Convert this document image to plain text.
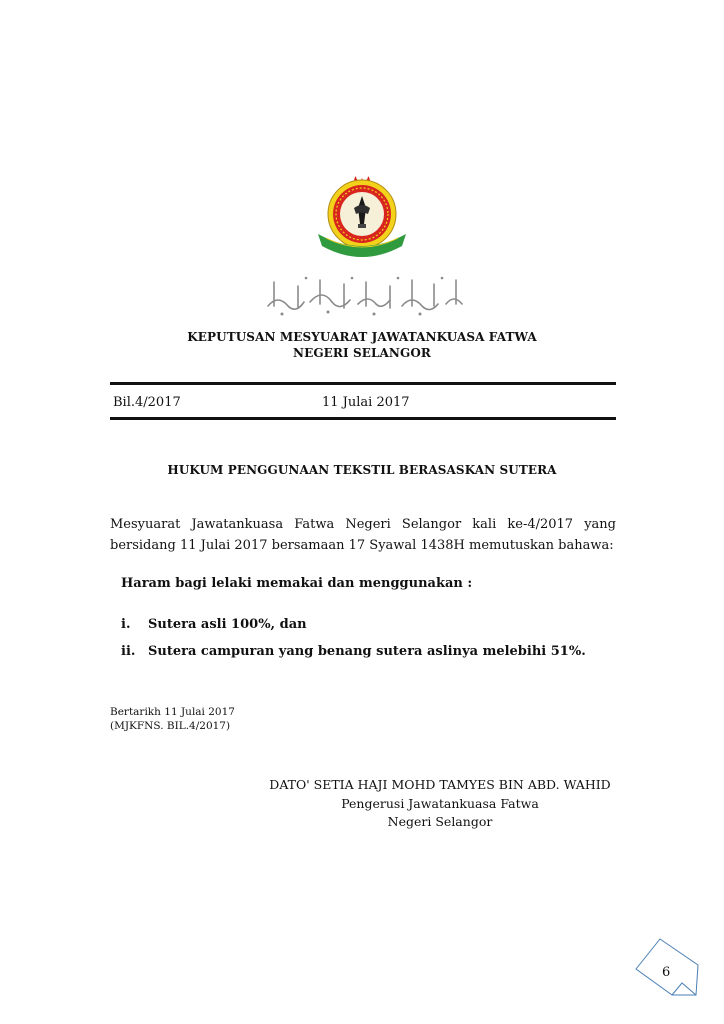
KEPUTUSAN MESYUARAT JAWATANKUASA FATWA
NEGERI SELANGOR
Bil.4/2017	11 Julai 2017
HUKUM PENGGUNAAN TEKSTIL BERASASKAN SUTERA
Mesyuarat Jawatankuasa Fatwa Negeri Selangor kali ke-4/2017 yang bersidang 11 Julai 2017 bersamaan 17 Syawal 1438H memutuskan bahawa:
Haram bagi lelaki memakai dan menggunakan :
i. Sutera asli 100%, dan
ii. Sutera campuran yang benang sutera aslinya melebihi 51%.
Bertarikh 11 Julai 2017
(MJKFNS. BIL.4/2017)
DATO' SETIA HAJI MOHD TAMYES BIN ABD. WAHID
Pengerusi Jawatankuasa Fatwa
Negeri Selangor
6
